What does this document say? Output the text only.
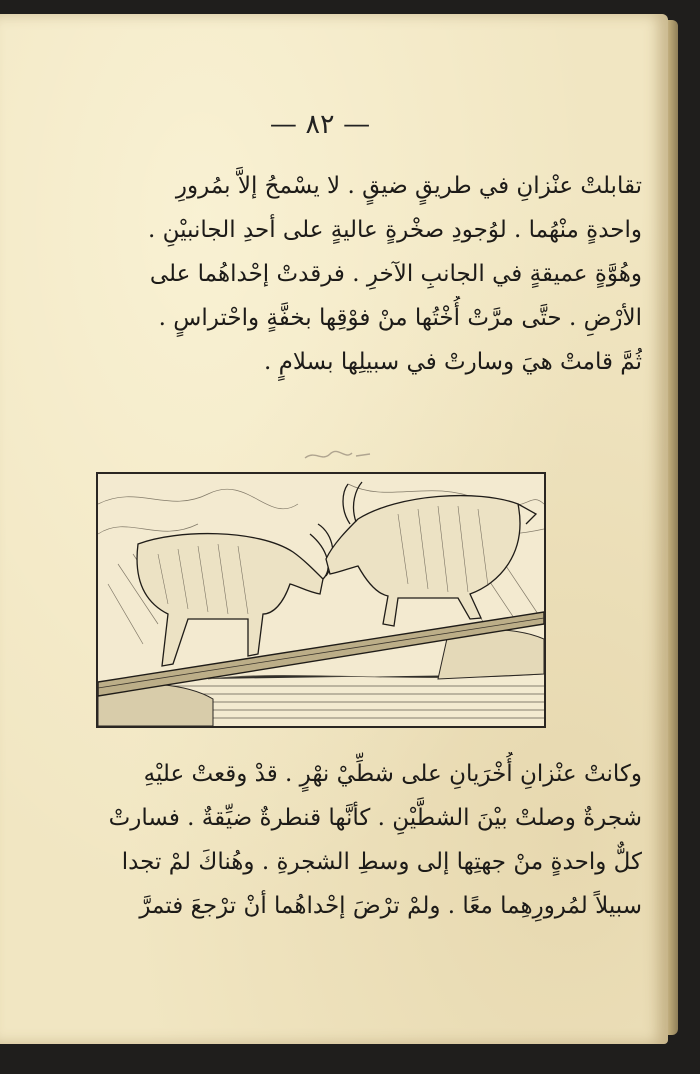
— ٨٢ —
تقابلتْ عنْزانِ في طريقٍ ضيقٍ . لا يسْمحُ إلاَّ بمُرورِ
واحدةٍ منْهُما . لوُجودِ صخْرةٍ عاليةٍ على أحدِ الجانبيْنِ .
وهُوَّةٍ عميقةٍ في الجانبِ الآخرِ . فرقدتْ إحْداهُما على
الأرْضِ . حتَّى مرَّتْ أُخْتُها منْ فوْقِها بخفَّةٍ واحْتراسٍ .
ثُمَّ قامتْ هيَ وسارتْ في سبيلِها بسلامٍ .
وكانتْ عنْزانِ أُخْرَيانِ على شطِّيْ نهْرٍ . قدْ وقعتْ عليْهِ
شجرةٌ وصلتْ بيْنَ الشطَّيْنِ . كأنَّها قنطرةٌ ضيِّقةٌ . فسارتْ
كلٌّ واحدةٍ منْ جهتِها إلى وسطِ الشجرةِ . وهُناكَ لمْ تجدا
سبيلاً لمُرورِهِما معًا . ولمْ ترْضَ إحْداهُما أنْ ترْجعَ فتمرَّ
